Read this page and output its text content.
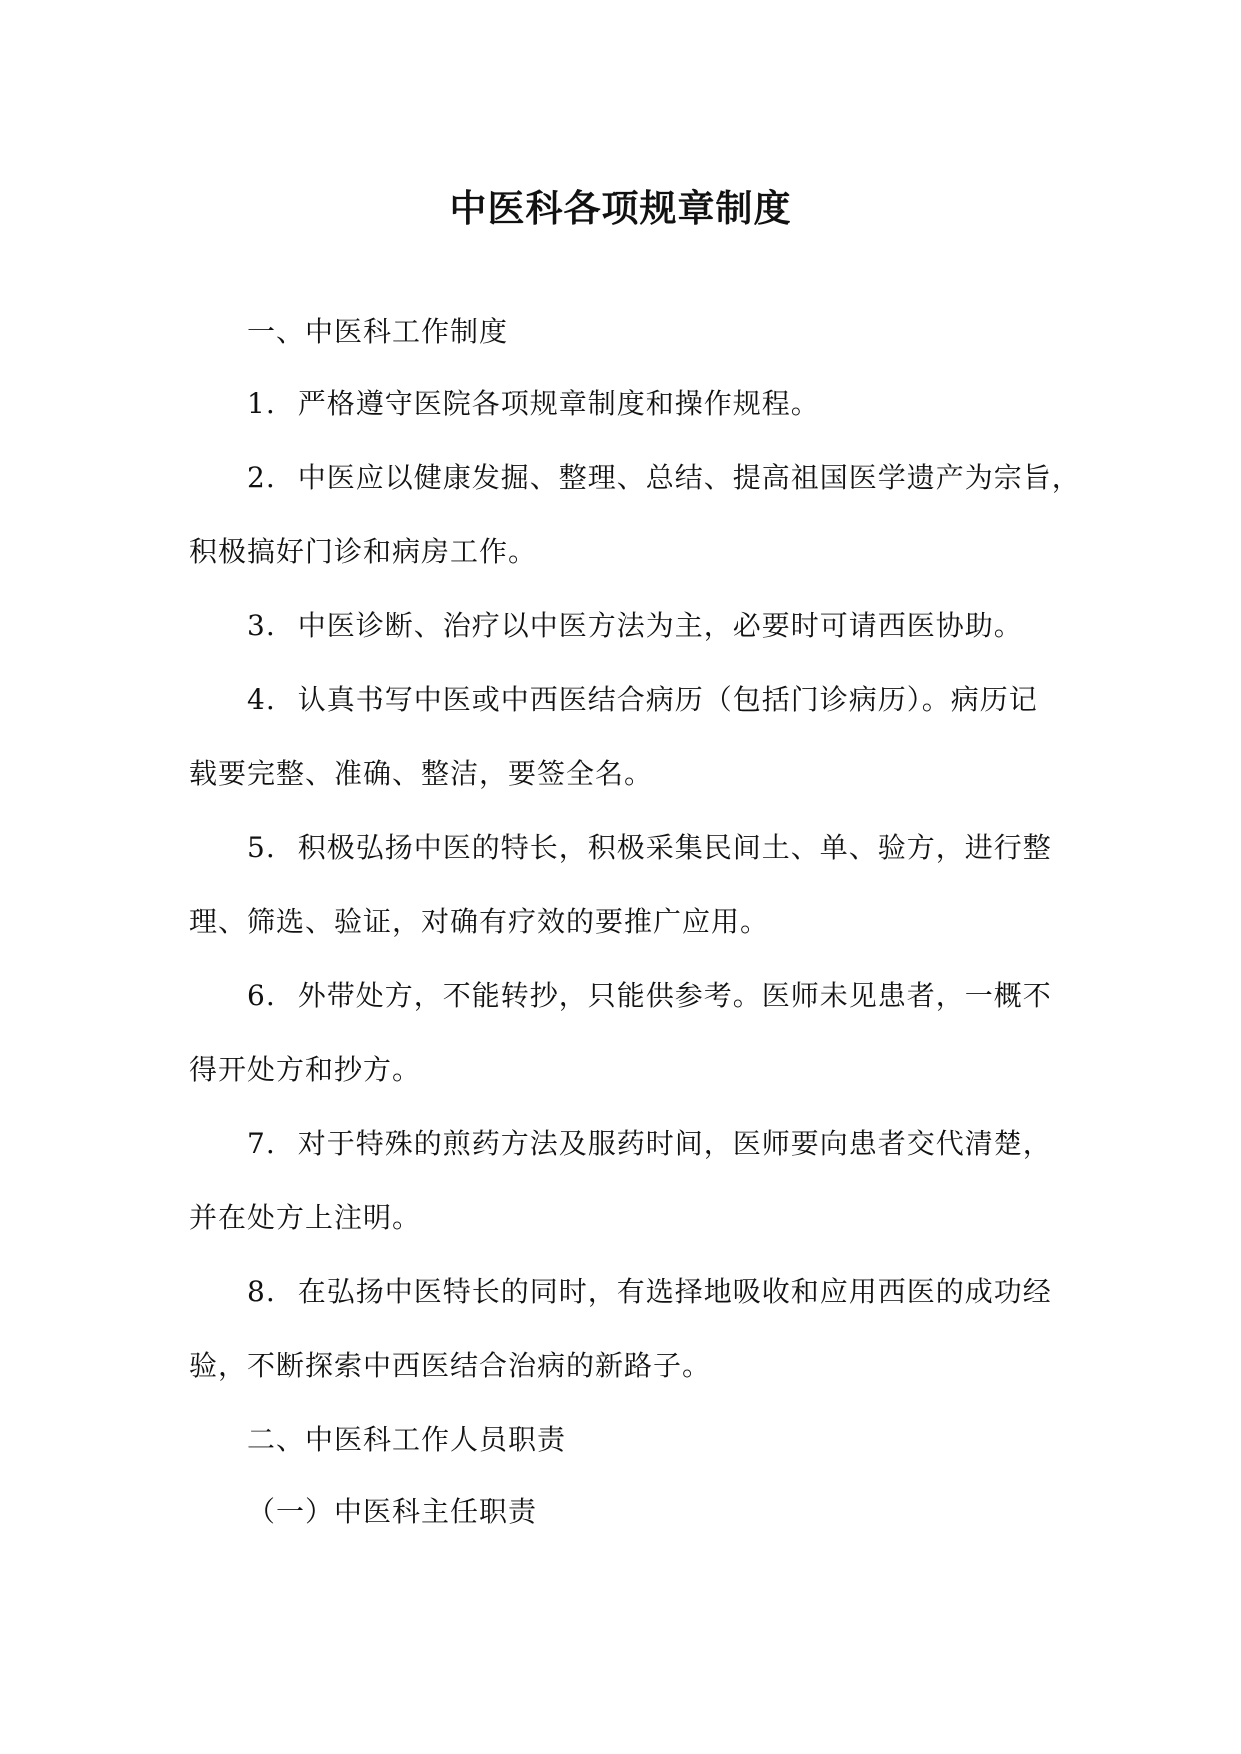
中医科各项规章制度
一、中医科工作制度
1. 严格遵守医院各项规章制度和操作规程。
2. 中医应以健康发掘、整理、总结、提高祖国医学遗产为宗旨，
积极搞好门诊和病房工作。
3. 中医诊断、治疗以中医方法为主，必要时可请西医协助。
4. 认真书写中医或中西医结合病历（包括门诊病历）。病历记
载要完整、准确、整洁，要签全名。
5. 积极弘扬中医的特长，积极采集民间土、单、验方，进行整
理、筛选、验证，对确有疗效的要推广应用。
6. 外带处方，不能转抄，只能供参考。医师未见患者，一概不
得开处方和抄方。
7. 对于特殊的煎药方法及服药时间，医师要向患者交代清楚，
并在处方上注明。
8. 在弘扬中医特长的同时，有选择地吸收和应用西医的成功经
验，不断探索中西医结合治病的新路子。
二、中医科工作人员职责
（一）中医科主任职责
